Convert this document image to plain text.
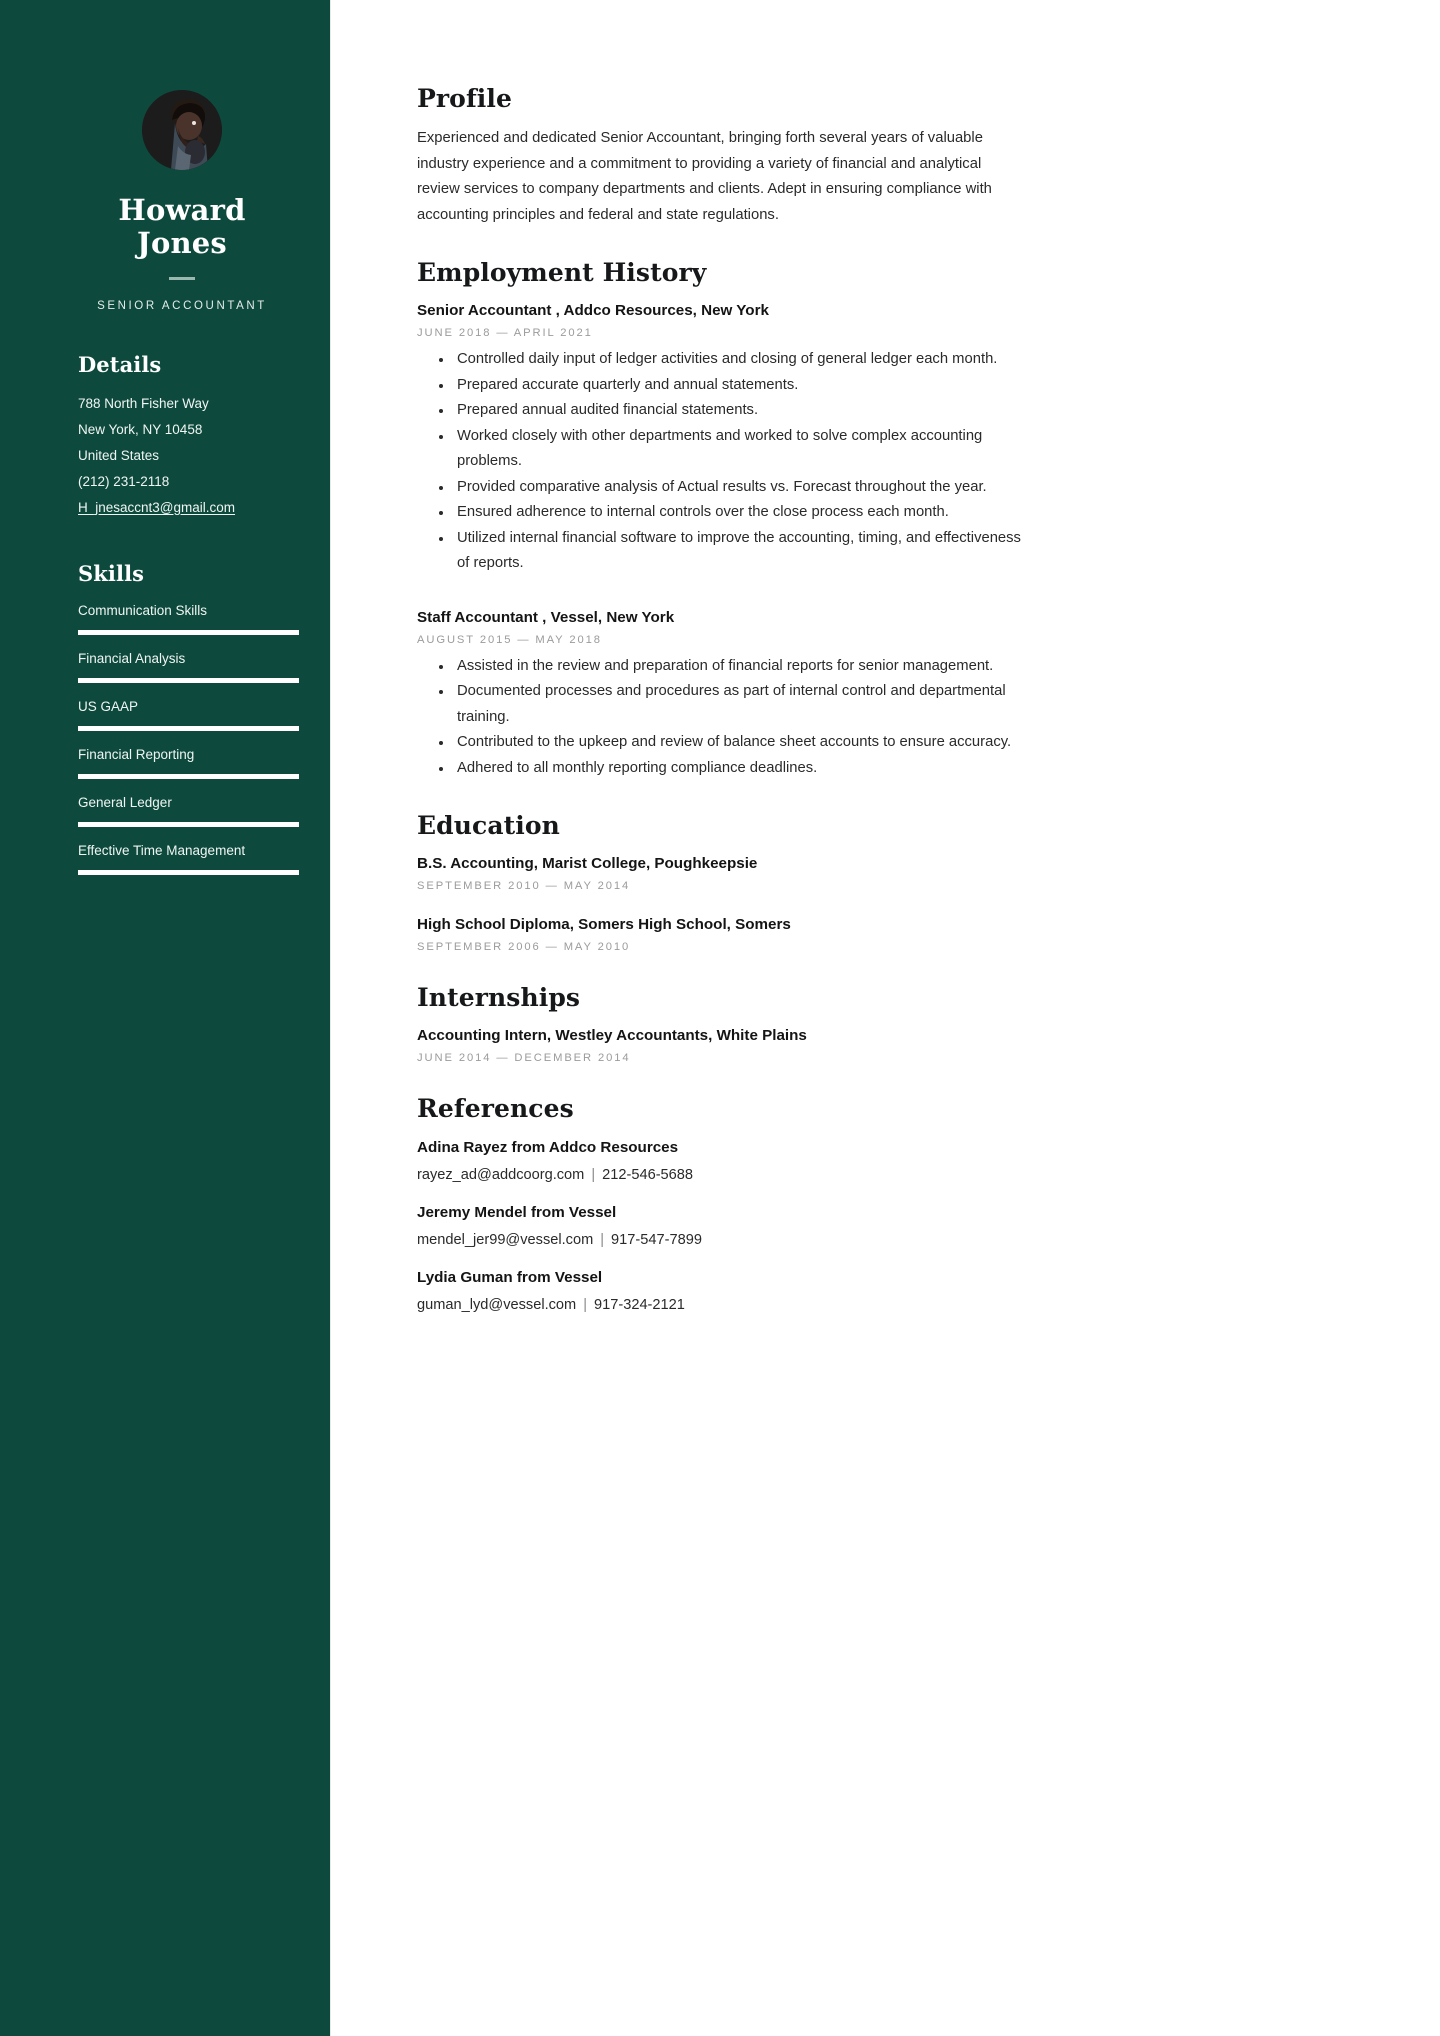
Howard Jones
SENIOR ACCOUNTANT
Details
788 North Fisher Way
New York, NY 10458
United States
(212) 231-2118
H_jnesaccnt3@gmail.com
Skills
Communication Skills
Financial Analysis
US GAAP
Financial Reporting
General Ledger
Effective Time Management
Profile

Experienced and dedicated Senior Accountant, bringing forth several years of valuable industry experience and a commitment to providing a variety of financial and analytical review services to company departments and clients. Adept in ensuring compliance with accounting principles and federal and state regulations.

Employment History
Senior Accountant , Addco Resources, New York
JUNE 2018 — APRIL 2021
Controlled daily input of ledger activities and closing of general ledger each month.
Prepared accurate quarterly and annual statements.
Prepared annual audited financial statements.
Worked closely with other departments and worked to solve complex accounting problems.
Provided comparative analysis of Actual results vs. Forecast throughout the year.
Ensured adherence to internal controls over the close process each month.
Utilized internal financial software to improve the accounting, timing, and effectiveness of reports.
Staff Accountant , Vessel, New York
AUGUST 2015 — MAY 2018
Assisted in the review and preparation of financial reports for senior management.
Documented processes and procedures as part of internal control and departmental training.
Contributed to the upkeep and review of balance sheet accounts to ensure accuracy.
Adhered to all monthly reporting compliance deadlines.
Education
B.S. Accounting, Marist College, Poughkeepsie
SEPTEMBER 2010 — MAY 2014
High School Diploma, Somers High School, Somers
SEPTEMBER 2006 — MAY 2010
Internships
Accounting Intern, Westley Accountants, White Plains
JUNE 2014 — DECEMBER 2014
References
Adina Rayez from Addco Resources
rayez_ad@addcoorg.com | 212-546-5688
Jeremy Mendel from Vessel
mendel_jer99@vessel.com | 917-547-7899
Lydia Guman from Vessel
guman_lyd@vessel.com | 917-324-2121
